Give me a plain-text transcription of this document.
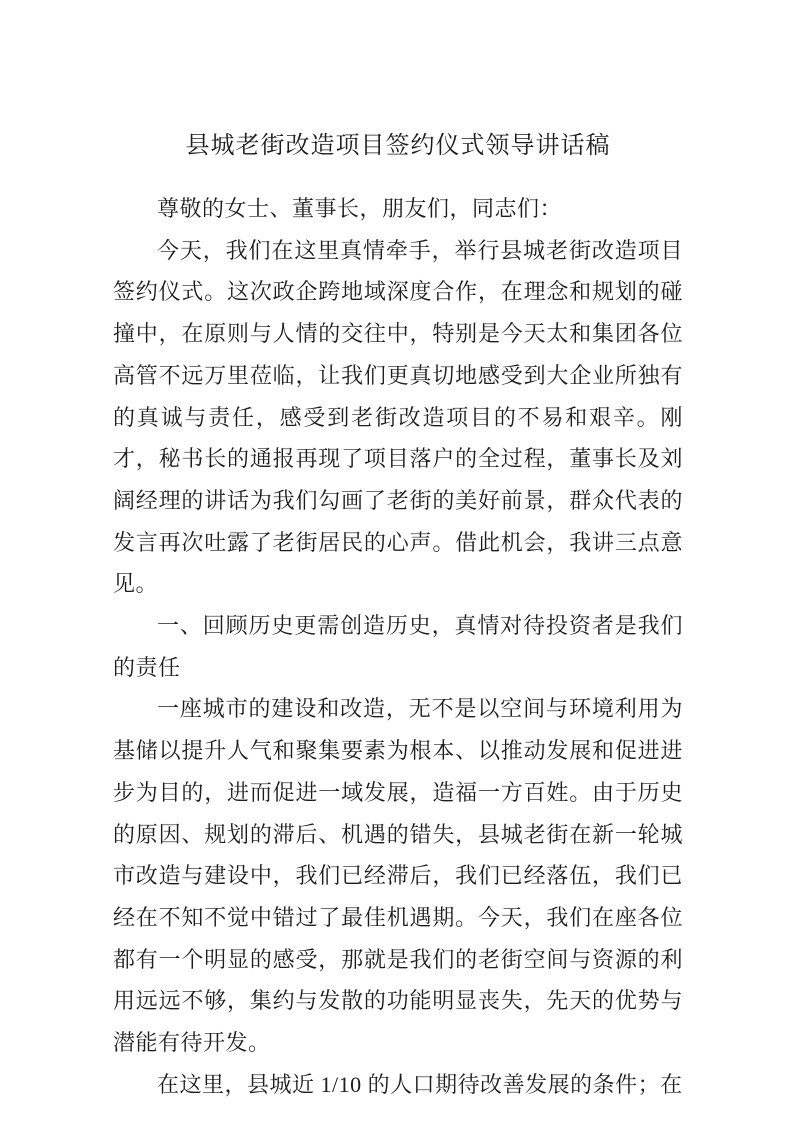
县城老街改造项目签约仪式领导讲话稿

尊敬的女士、董事长，朋友们，同志们：

今天，我们在这里真情牵手，举行县城老街改造项目签约仪式。这次政企跨地域深度合作，在理念和规划的碰撞中，在原则与人情的交往中，特别是今天太和集团各位高管不远万里莅临，让我们更真切地感受到大企业所独有的真诚与责任，感受到老街改造项目的不易和艰辛。刚才，秘书长的通报再现了项目落户的全过程，董事长及刘阔经理的讲话为我们勾画了老街的美好前景，群众代表的发言再次吐露了老街居民的心声。借此机会，我讲三点意见。

一、回顾历史更需创造历史，真情对待投资者是我们的责任

一座城市的建设和改造，无不是以空间与环境利用为基储以提升人气和聚集要素为根本、以推动发展和促进进步为目的，进而促进一域发展，造福一方百姓。由于历史的原因、规划的滞后、机遇的错失，县城老街在新一轮城市改造与建设中，我们已经滞后，我们已经落伍，我们已经在不知不觉中错过了最佳机遇期。今天，我们在座各位都有一个明显的感受，那就是我们的老街空间与资源的利用远远不够，集约与发散的功能明显丧失，先天的优势与潜能有待开发。

在这里，县城近 1/10 的人口期待改善发展的条件；在
